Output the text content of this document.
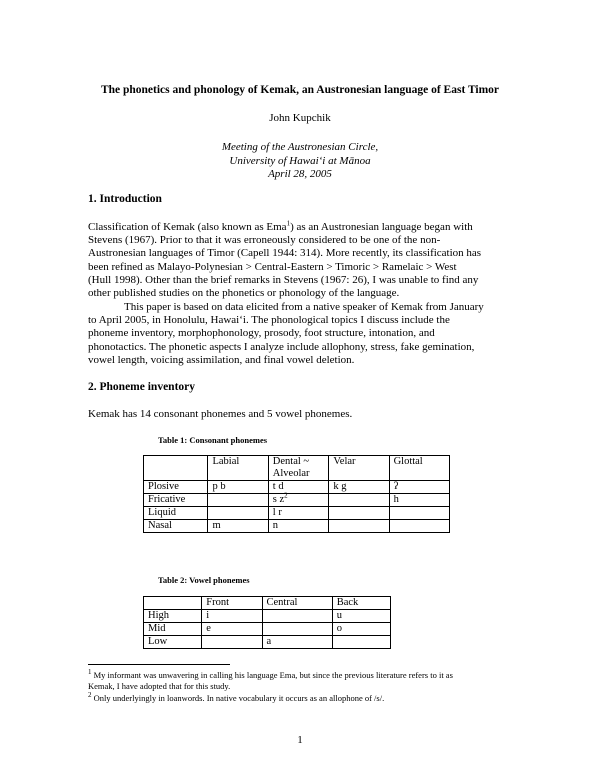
The phonetics and phonology of Kemak, an Austronesian language of East Timor
John Kupchik
Meeting of the Austronesian Circle,
University of Hawai‘i at Mānoa
April 28, 2005
1. Introduction
Classification of Kemak (also known as Ema$^1$) as an Austronesian language began with
Stevens (1967). Prior to that it was erroneously considered to be one of the non-
Austronesian languages of Timor (Capell 1944: 314). More recently, its classification has
been refined as Malayo-Polynesian > Central-Eastern > Timoric > Ramelaic > West
(Hull 1998). Other than the brief remarks in Stevens (1967: 26), I was unable to find any
other published studies on the phonetics or phonology of the language.
This paper is based on data elicited from a native speaker of Kemak from January
to April 2005, in Honolulu, Hawai‘i. The phonological topics I discuss include the
phoneme inventory, morphophonology, prosody, foot structure, intonation, and
phonotactics. The phonetic aspects I analyze include allophony, stress, fake gemination,
vowel length, voicing assimilation, and final vowel deletion.
2. Phoneme inventory
Kemak has 14 consonant phonemes and 5 vowel phonemes.
Table 1: Consonant phonemes
	Labial	Dental ~
Alveolar	Velar	Glottal
Plosive	p b	t d	k g	ʔ
Fricative		s $z^2$		h
Liquid		l r		
Nasal	m	n		
Table 2: Vowel phonemes
	Front	Central	Back
High	i		u
Mid	e		o
Low		a	
$^1$ My informant was unwavering in calling his language Ema, but since the previous literature refers to it as
Kemak, I have adopted that for this study.
$^2$ Only underlyingly in loanwords. In native vocabulary it occurs as an allophone of /s/.
1
